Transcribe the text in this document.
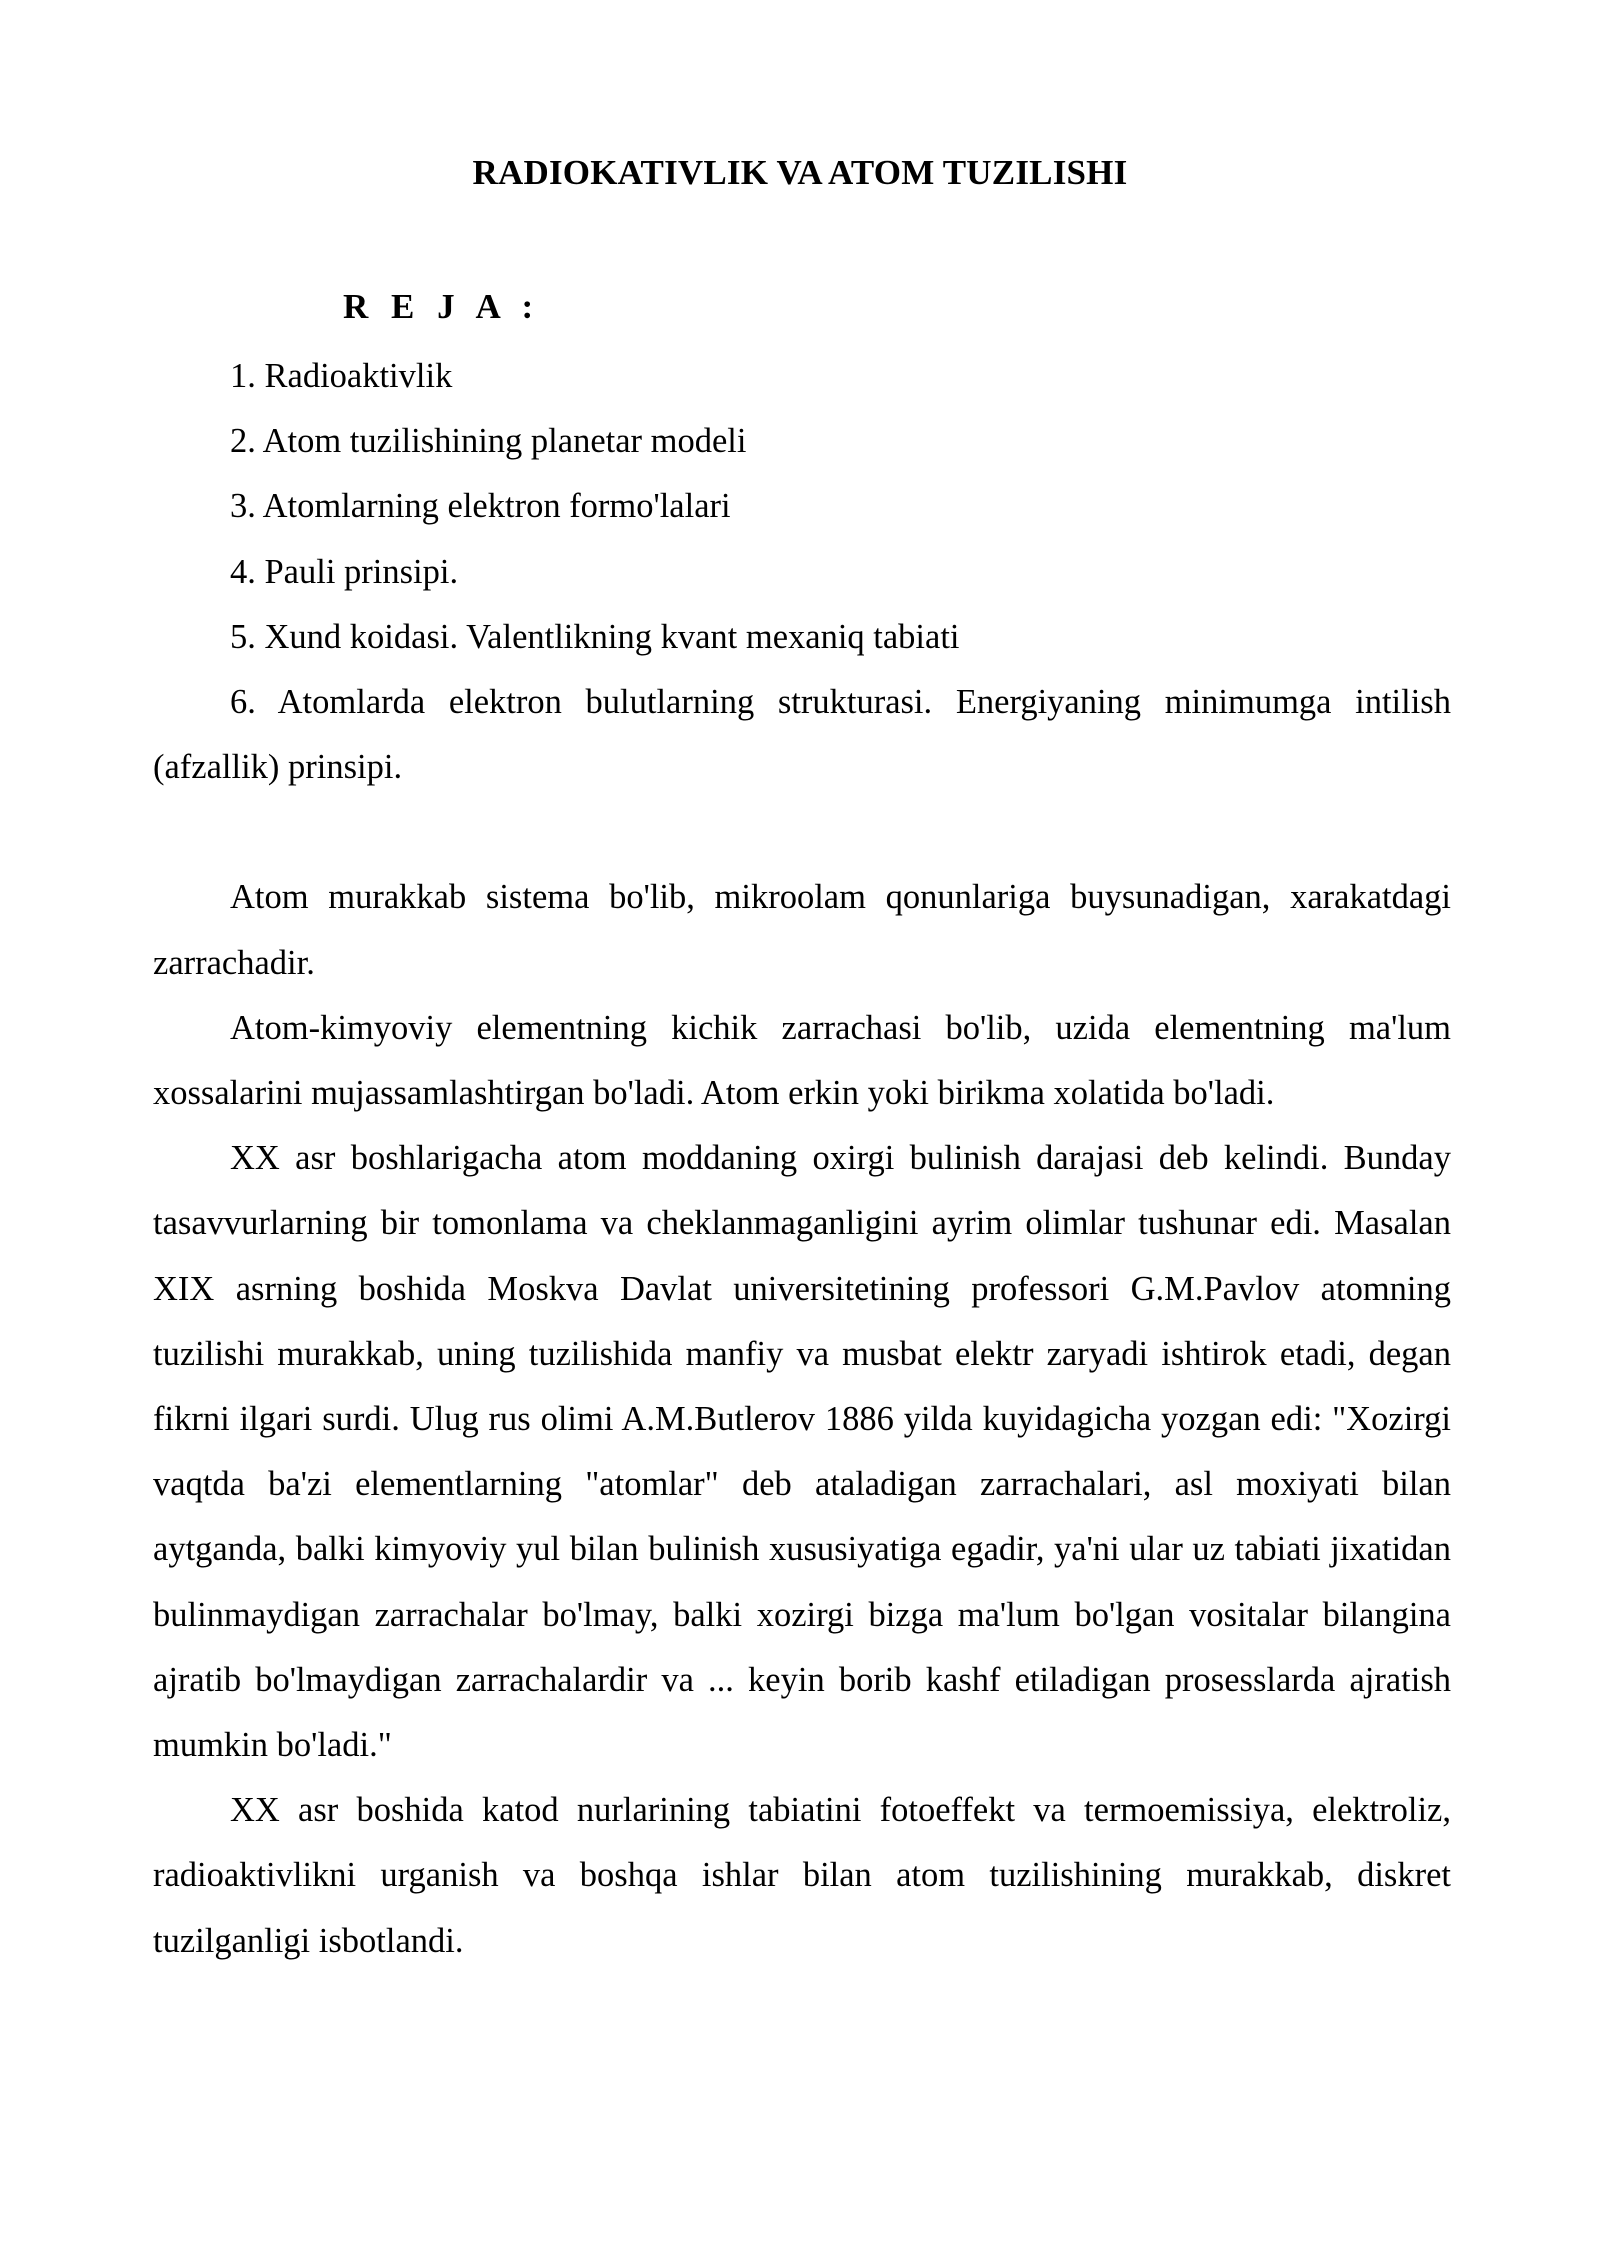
RADIOKATIVLIK VA ATOM TUZILISHI
R E J A :

1. Radioaktivlik

2. Atom tuzilishining planetar modeli

3. Atomlarning elektron formo'lalari

4. Pauli prinsipi.

5. Xund koidasi. Valentlikning kvant mexaniq tabiati

6. Atomlarda elektron bulutlarning strukturasi. Energiyaning minimumga intilish (afzallik) prinsipi.

Atom murakkab sistema bo'lib, mikroolam qonunlariga buysunadigan, xarakatdagi zarrachadir.

Atom-kimyoviy elementning kichik zarrachasi bo'lib, uzida elementning ma'lum xossalarini mujassamlashtirgan bo'ladi. Atom erkin yoki birikma xolatida bo'ladi.

XX asr boshlarigacha atom moddaning oxirgi bulinish darajasi deb kelindi. Bunday tasavvurlarning bir tomonlama va cheklanmaganligini ayrim olimlar tushunar edi. Masalan XIX asrning boshida Moskva Davlat universitetining professori G.M.Pavlov atomning tuzilishi murakkab, uning tuzilishida manfiy va musbat elektr zaryadi ishtirok etadi, degan fikrni ilgari surdi. Ulug rus olimi A.M.Butlerov 1886 yilda kuyidagicha yozgan edi: "Xozirgi vaqtda ba'zi elementlarning "atomlar" deb ataladigan zarrachalari, asl moxiyati bilan aytganda, balki kimyoviy yul bilan bulinish xususiyatiga egadir, ya'ni ular uz tabiati jixatidan bulinmaydigan zarrachalar bo'lmay, balki xozirgi bizga ma'lum bo'lgan vositalar bilangina ajratib bo'lmaydigan zarrachalardir va ... keyin borib kashf etiladigan prosesslarda ajratish mumkin bo'ladi."

XX asr boshida katod nurlarining tabiatini fotoeffekt va termoemissiya, elektroliz, radioaktivlikni urganish va boshqa ishlar bilan atom tuzilishining murakkab, diskret tuzilganligi isbotlandi.
